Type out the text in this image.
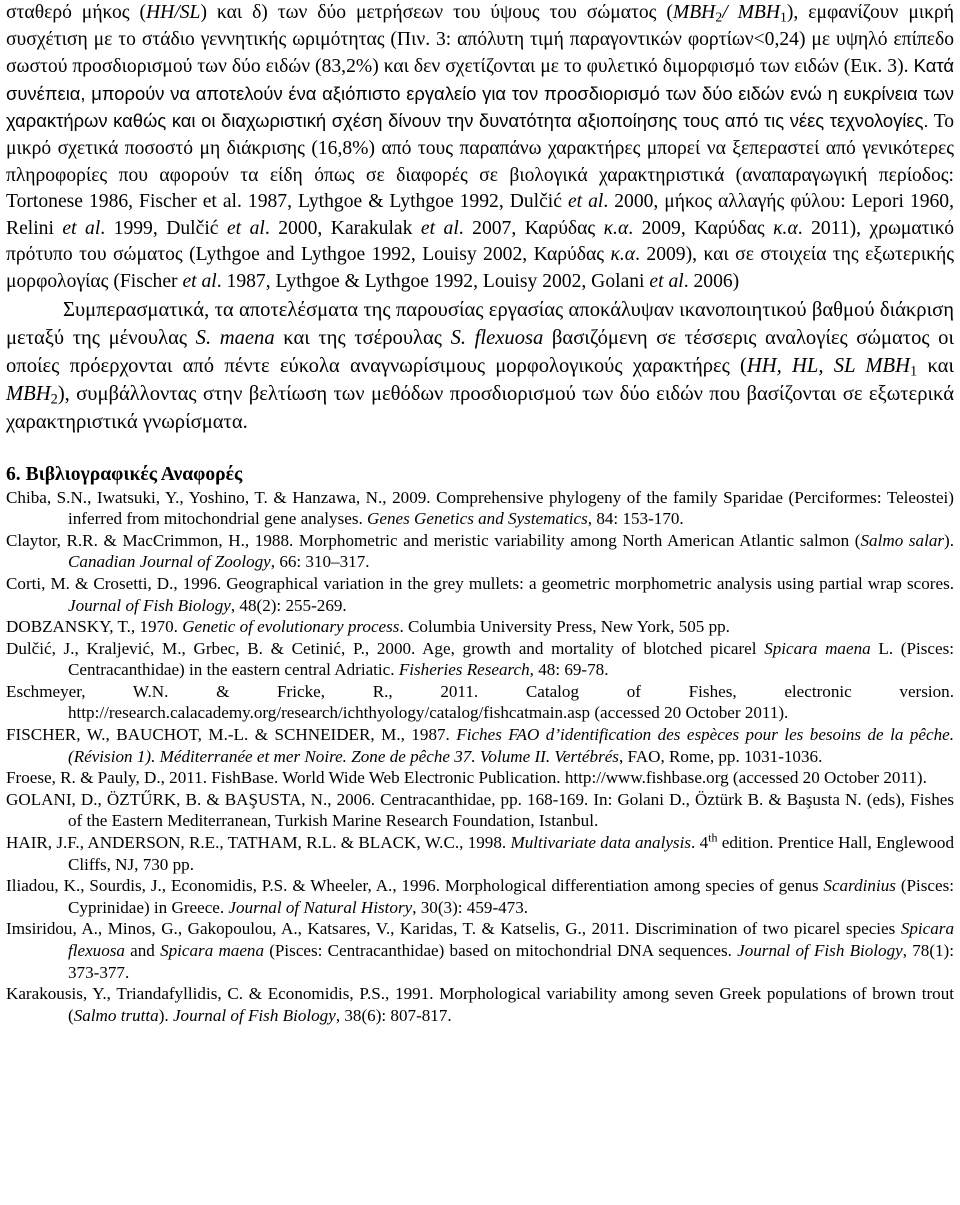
σταθερό μήκος (HH/SL) και δ) των δύο μετρήσεων του ύψους του σώματος ($MBH_2/$ $MBH_1$), εμφανίζουν μικρή συσχέτιση με το στάδιο γεννητικής ωριμότητας (Πιν. 3: απόλυτη τιμή παραγοντικών φορτίων<0,24) με υψηλό επίπεδο σωστού προσδιορισμού των δύο ειδών (83,2%) και δεν σχετίζονται με το φυλετικό διμορφισμό των ειδών (Εικ. 3). Κατά συνέπεια, μπορούν να αποτελούν ένα αξιόπιστο εργαλείο για τον προσδιορισμό των δύο ειδών ενώ η ευκρίνεια των χαρακτήρων καθώς και οι διαχωριστική σχέση δίνουν την δυνατότητα αξιοποίησης τους από τις νέες τεχνολογίες. Το μικρό σχετικά ποσοστό μη διάκρισης (16,8%) από τους παραπάνω χαρακτήρες μπορεί να ξεπεραστεί από γενικότερες πληροφορίες που αφορούν τα είδη όπως σε διαφορές σε βιολογικά χαρακτηριστικά (αναπαραγωγική περίοδος: Tortonese 1986, Fischer et al. 1987, Lythgoe & Lythgoe 1992, Dulčić et al. 2000, μήκος αλλαγής φύλου: Lepori 1960, Relini et al. 1999, Dulčić et al. 2000, Karakulak et al. 2007, Καρύδας κ.α. 2009, Καρύδας κ.α. 2011), χρωματικό πρότυπο του σώματος (Lythgoe and Lythgoe 1992, Louisy 2002, Καρύδας κ.α. 2009), και σε στοιχεία της εξωτερικής μορφολογίας (Fischer et al. 1987, Lythgoe & Lythgoe 1992, Louisy 2002, Golani et al. 2006)

Συμπερασματικά, τα αποτελέσματα της παρουσίας εργασίας αποκάλυψαν ικανοποιητικού βαθμού διάκριση μεταξύ της μένουλας S. maena και της τσέρουλας S. flexuosa βασιζόμενη σε τέσσερις αναλογίες σώματος οι οποίες πρόερχονται από πέντε εύκολα αναγνωρίσιμους μορφολογικούς χαρακτήρες (HH, HL, SL $MBH_1$ και $MBH_2$), συμβάλλοντας στην βελτίωση των μεθόδων προσδιορισμού των δύο ειδών που βασίζονται σε εξωτερικά χαρακτηριστικά γνωρίσματα.

6. Βιβλιογραφικές Αναφορές
Chiba, S.N., Iwatsuki, Y., Yoshino, T. & Hanzawa, N., 2009. Comprehensive phylogeny of the family Sparidae (Perciformes: Teleostei) inferred from mitochondrial gene analyses. Genes Genetics and Systematics, 84: 153-170.
Claytor, R.R. & MacCrimmon, H., 1988. Morphometric and meristic variability among North American Atlantic salmon (Salmo salar). Canadian Journal of Zoology, 66: 310–317.
Corti, M. & Crosetti, D., 1996. Geographical variation in the grey mullets: a geometric morphometric analysis using partial wrap scores. Journal of Fish Biology, 48(2): 255-269.
DOBZANSKY, T., 1970. Genetic of evolutionary process. Columbia University Press, New York, 505 pp.
Dulčić, J., Kraljević, M., Grbec, B. & Cetinić, P., 2000. Age, growth and mortality of blotched picarel Spicara maena L. (Pisces: Centracanthidae) in the eastern central Adriatic. Fisheries Research, 48: 69-78.
Eschmeyer, W.N. & Fricke, R., 2011. Catalog of Fishes, electronic version. http://research.calacademy.org/research/ichthyology/catalog/fishcatmain.asp (accessed 20 October 2011).
FISCHER, W., BAUCHOT, M.-L. & SCHNEIDER, M., 1987. Fiches FAO d’identification des espèces pour les besoins de la pêche. (Révision 1). Méditerranée et mer Noire. Zone de pêche 37. Volume II. Vertébrés, FAO, Rome, pp. 1031-1036.
Froese, R. & Pauly, D., 2011. FishBase. World Wide Web Electronic Publication. http://www.fishbase.org (accessed 20 October 2011).
GOLANI, D., ÖZTŰRK, B. & BAŞUSTA, N., 2006. Centracanthidae, pp. 168-169. In: Golani D., Öztürk B. & Başusta N. (eds), Fishes of the Eastern Mediterranean, Turkish Marine Research Foundation, Istanbul.
HAIR, J.F., ANDERSON, R.E., TATHAM, R.L. & BLACK, W.C., 1998. Multivariate data analysis. 4th edition. Prentice Hall, Englewood Cliffs, NJ, 730 pp.
Iliadou, K., Sourdis, J., Economidis, P.S. & Wheeler, A., 1996. Morphological differentiation among species of genus Scardinius (Pisces: Cyprinidae) in Greece. Journal of Natural History, 30(3): 459-473.
Imsiridou, A., Minos, G., Gakopoulou, A., Katsares, V., Karidas, T. & Katselis, G., 2011. Discrimination of two picarel species Spicara flexuosa and Spicara maena (Pisces: Centracanthidae) based on mitochondrial DNA sequences. Journal of Fish Biology, 78(1): 373-377.
Karakousis, Y., Triandafyllidis, C. & Economidis, P.S., 1991. Morphological variability among seven Greek populations of brown trout (Salmo trutta). Journal of Fish Biology, 38(6): 807-817.
